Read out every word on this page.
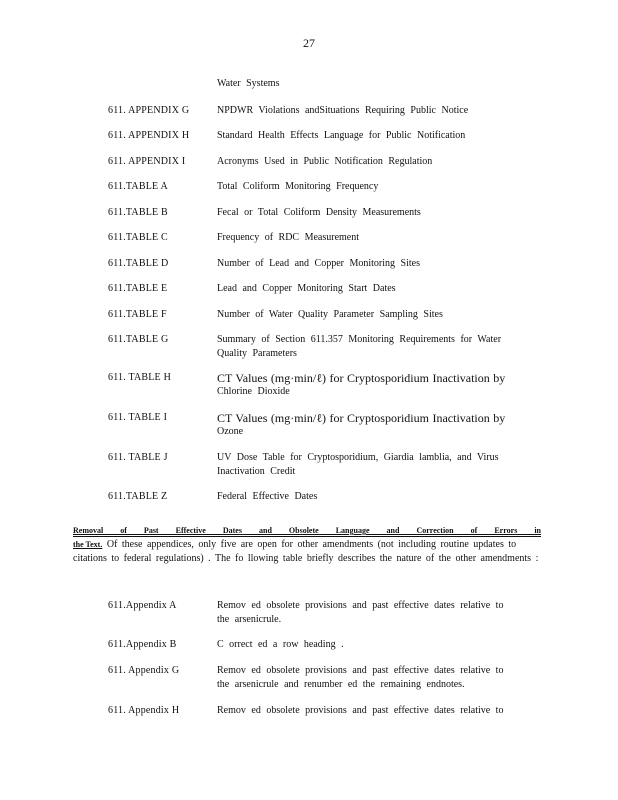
27
Water Systems
611. APPENDIX G	NPDWR Violations andSituations Requiring Public Notice
611. APPENDIX H	Standard Health Effects Language for Public Notification
611. APPENDIX I	Acronyms Used in Public Notification Regulation
611.TABLE A	Total Coliform Monitoring Frequency
611.TABLE B	Fecal or Total Coliform Density Measurements
611.TABLE C	Frequency of RDC Measurement
611.TABLE D	Number of Lead and Copper Monitoring Sites
611.TABLE E	Lead and Copper Monitoring Start Dates
611.TABLE F	Number of Water Quality Parameter Sampling Sites
611.TABLE G	Summary of Section 611.357 Monitoring Requirements for Water
Quality Parameters
611. TABLE H	CT Values (mg·min/ℓ) for Cryptosporidium Inactivation by
Chlorine Dioxide
611. TABLE I	CT Values (mg·min/ℓ) for Cryptosporidium Inactivation by
Ozone
611. TABLE J	UV Dose Table for Cryptosporidium, Giardia lamblia, and Virus
Inactivation Credit
611.TABLE Z	Federal Effective Dates
Removal of Past Effective Dates and Obsolete Language and Correction of Errors in
the Text. Of these appendices, only five are open for other amendments (not including routine updates to citations to federal regulations) . The fo llowing table briefly describes the nature of the other amendments :
611.Appendix A	Remov ed obsolete provisions and past effective dates relative to
the arsenicrule.
611.Appendix B	C orrect ed a row heading .
611. Appendix G	Remov ed obsolete provisions and past effective dates relative to
the arsenicrule and renumber ed the remaining endnotes.
611. Appendix H	Remov ed obsolete provisions and past effective dates relative to
